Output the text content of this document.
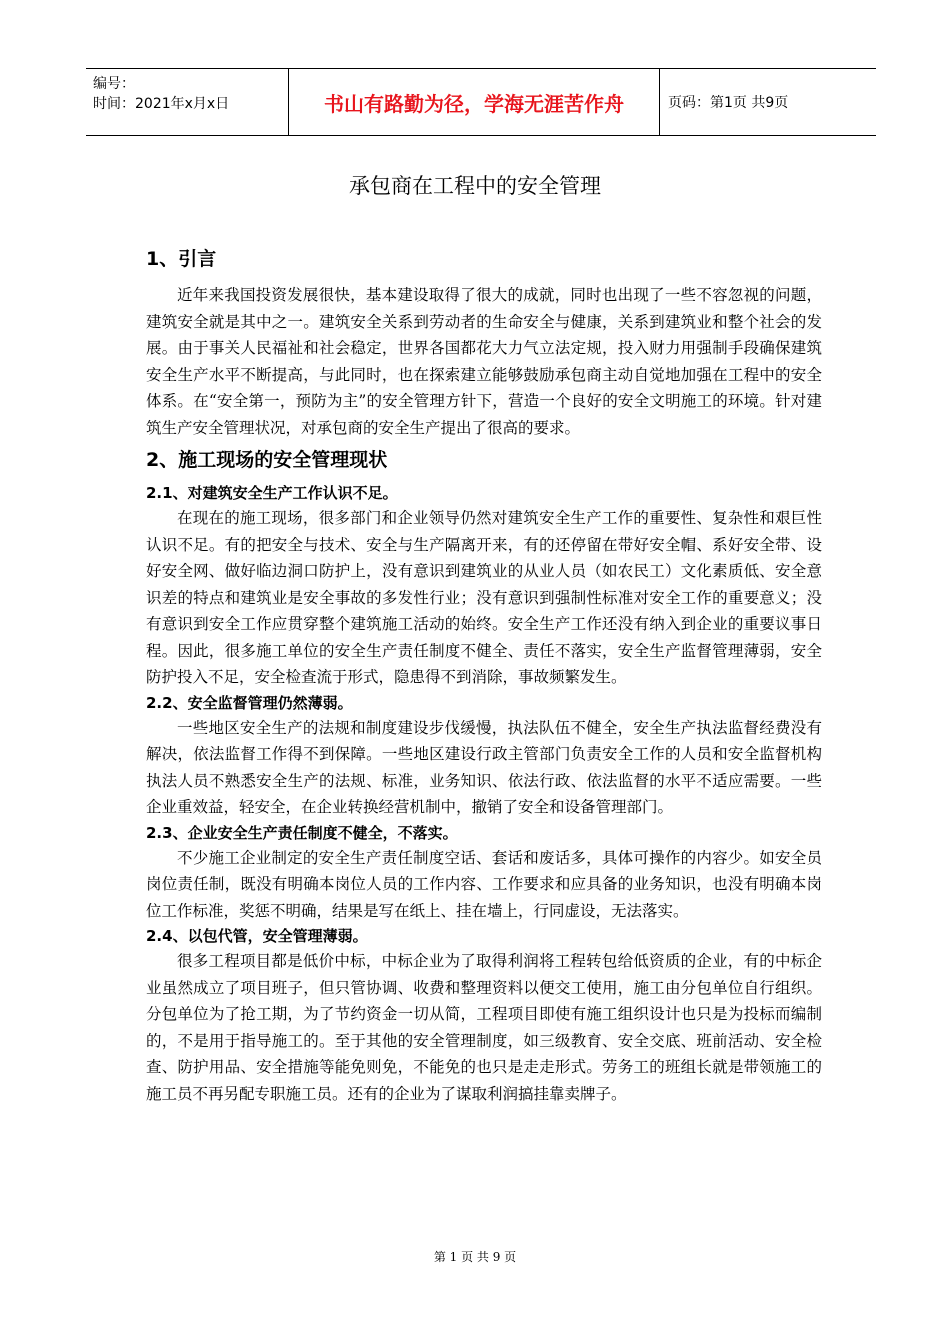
编号：
时间：2021年x月x日	书山有路勤为径，学海无涯苦作舟	页码：第1页 共9页
承包商在工程中的安全管理
1、引言

近年来我国投资发展很快，基本建设取得了很大的成就，同时也出现了一些不容忽视的问题，建筑安全就是其中之一。建筑安全关系到劳动者的生命安全与健康，关系到建筑业和整个社会的发展。由于事关人民福祉和社会稳定，世界各国都花大力气立法定规，投入财力用强制手段确保建筑安全生产水平不断提高，与此同时，也在探索建立能够鼓励承包商主动自觉地加强在工程中的安全体系。在“安全第一，预防为主”的安全管理方针下，营造一个良好的安全文明施工的环境。针对建筑生产安全管理状况，对承包商的安全生产提出了很高的要求。

2、施工现场的安全管理现状
2.1、对建筑安全生产工作认识不足。

在现在的施工现场，很多部门和企业领导仍然对建筑安全生产工作的重要性、复杂性和艰巨性认识不足。有的把安全与技术、安全与生产隔离开来，有的还停留在带好安全帽、系好安全带、设好安全网、做好临边洞口防护上，没有意识到建筑业的从业人员（如农民工）文化素质低、安全意识差的特点和建筑业是安全事故的多发性行业；没有意识到强制性标准对安全工作的重要意义；没有意识到安全工作应贯穿整个建筑施工活动的始终。安全生产工作还没有纳入到企业的重要议事日程。因此，很多施工单位的安全生产责任制度不健全、责任不落实，安全生产监督管理薄弱，安全防护投入不足，安全检查流于形式，隐患得不到消除，事故频繁发生。

2.2、安全监督管理仍然薄弱。

一些地区安全生产的法规和制度建设步伐缓慢，执法队伍不健全，安全生产执法监督经费没有解决，依法监督工作得不到保障。一些地区建设行政主管部门负责安全工作的人员和安全监督机构执法人员不熟悉安全生产的法规、标准，业务知识、依法行政、依法监督的水平不适应需要。一些企业重效益，轻安全，在企业转换经营机制中，撤销了安全和设备管理部门。

2.3、企业安全生产责任制度不健全，不落实。

不少施工企业制定的安全生产责任制度空话、套话和废话多，具体可操作的内容少。如安全员岗位责任制，既没有明确本岗位人员的工作内容、工作要求和应具备的业务知识，也没有明确本岗位工作标准，奖惩不明确，结果是写在纸上、挂在墙上，行同虚设，无法落实。

2.4、以包代管，安全管理薄弱。

很多工程项目都是低价中标，中标企业为了取得利润将工程转包给低资质的企业，有的中标企业虽然成立了项目班子，但只管协调、收费和整理资料以便交工使用，施工由分包单位自行组织。分包单位为了抢工期，为了节约资金一切从简，工程项目即使有施工组织设计也只是为投标而编制的，不是用于指导施工的。至于其他的安全管理制度，如三级教育、安全交底、班前活动、安全检查、防护用品、安全措施等能免则免，不能免的也只是走走形式。劳务工的班组长就是带领施工的施工员不再另配专职施工员。还有的企业为了谋取利润搞挂靠卖牌子。

第 1 页 共 9 页
